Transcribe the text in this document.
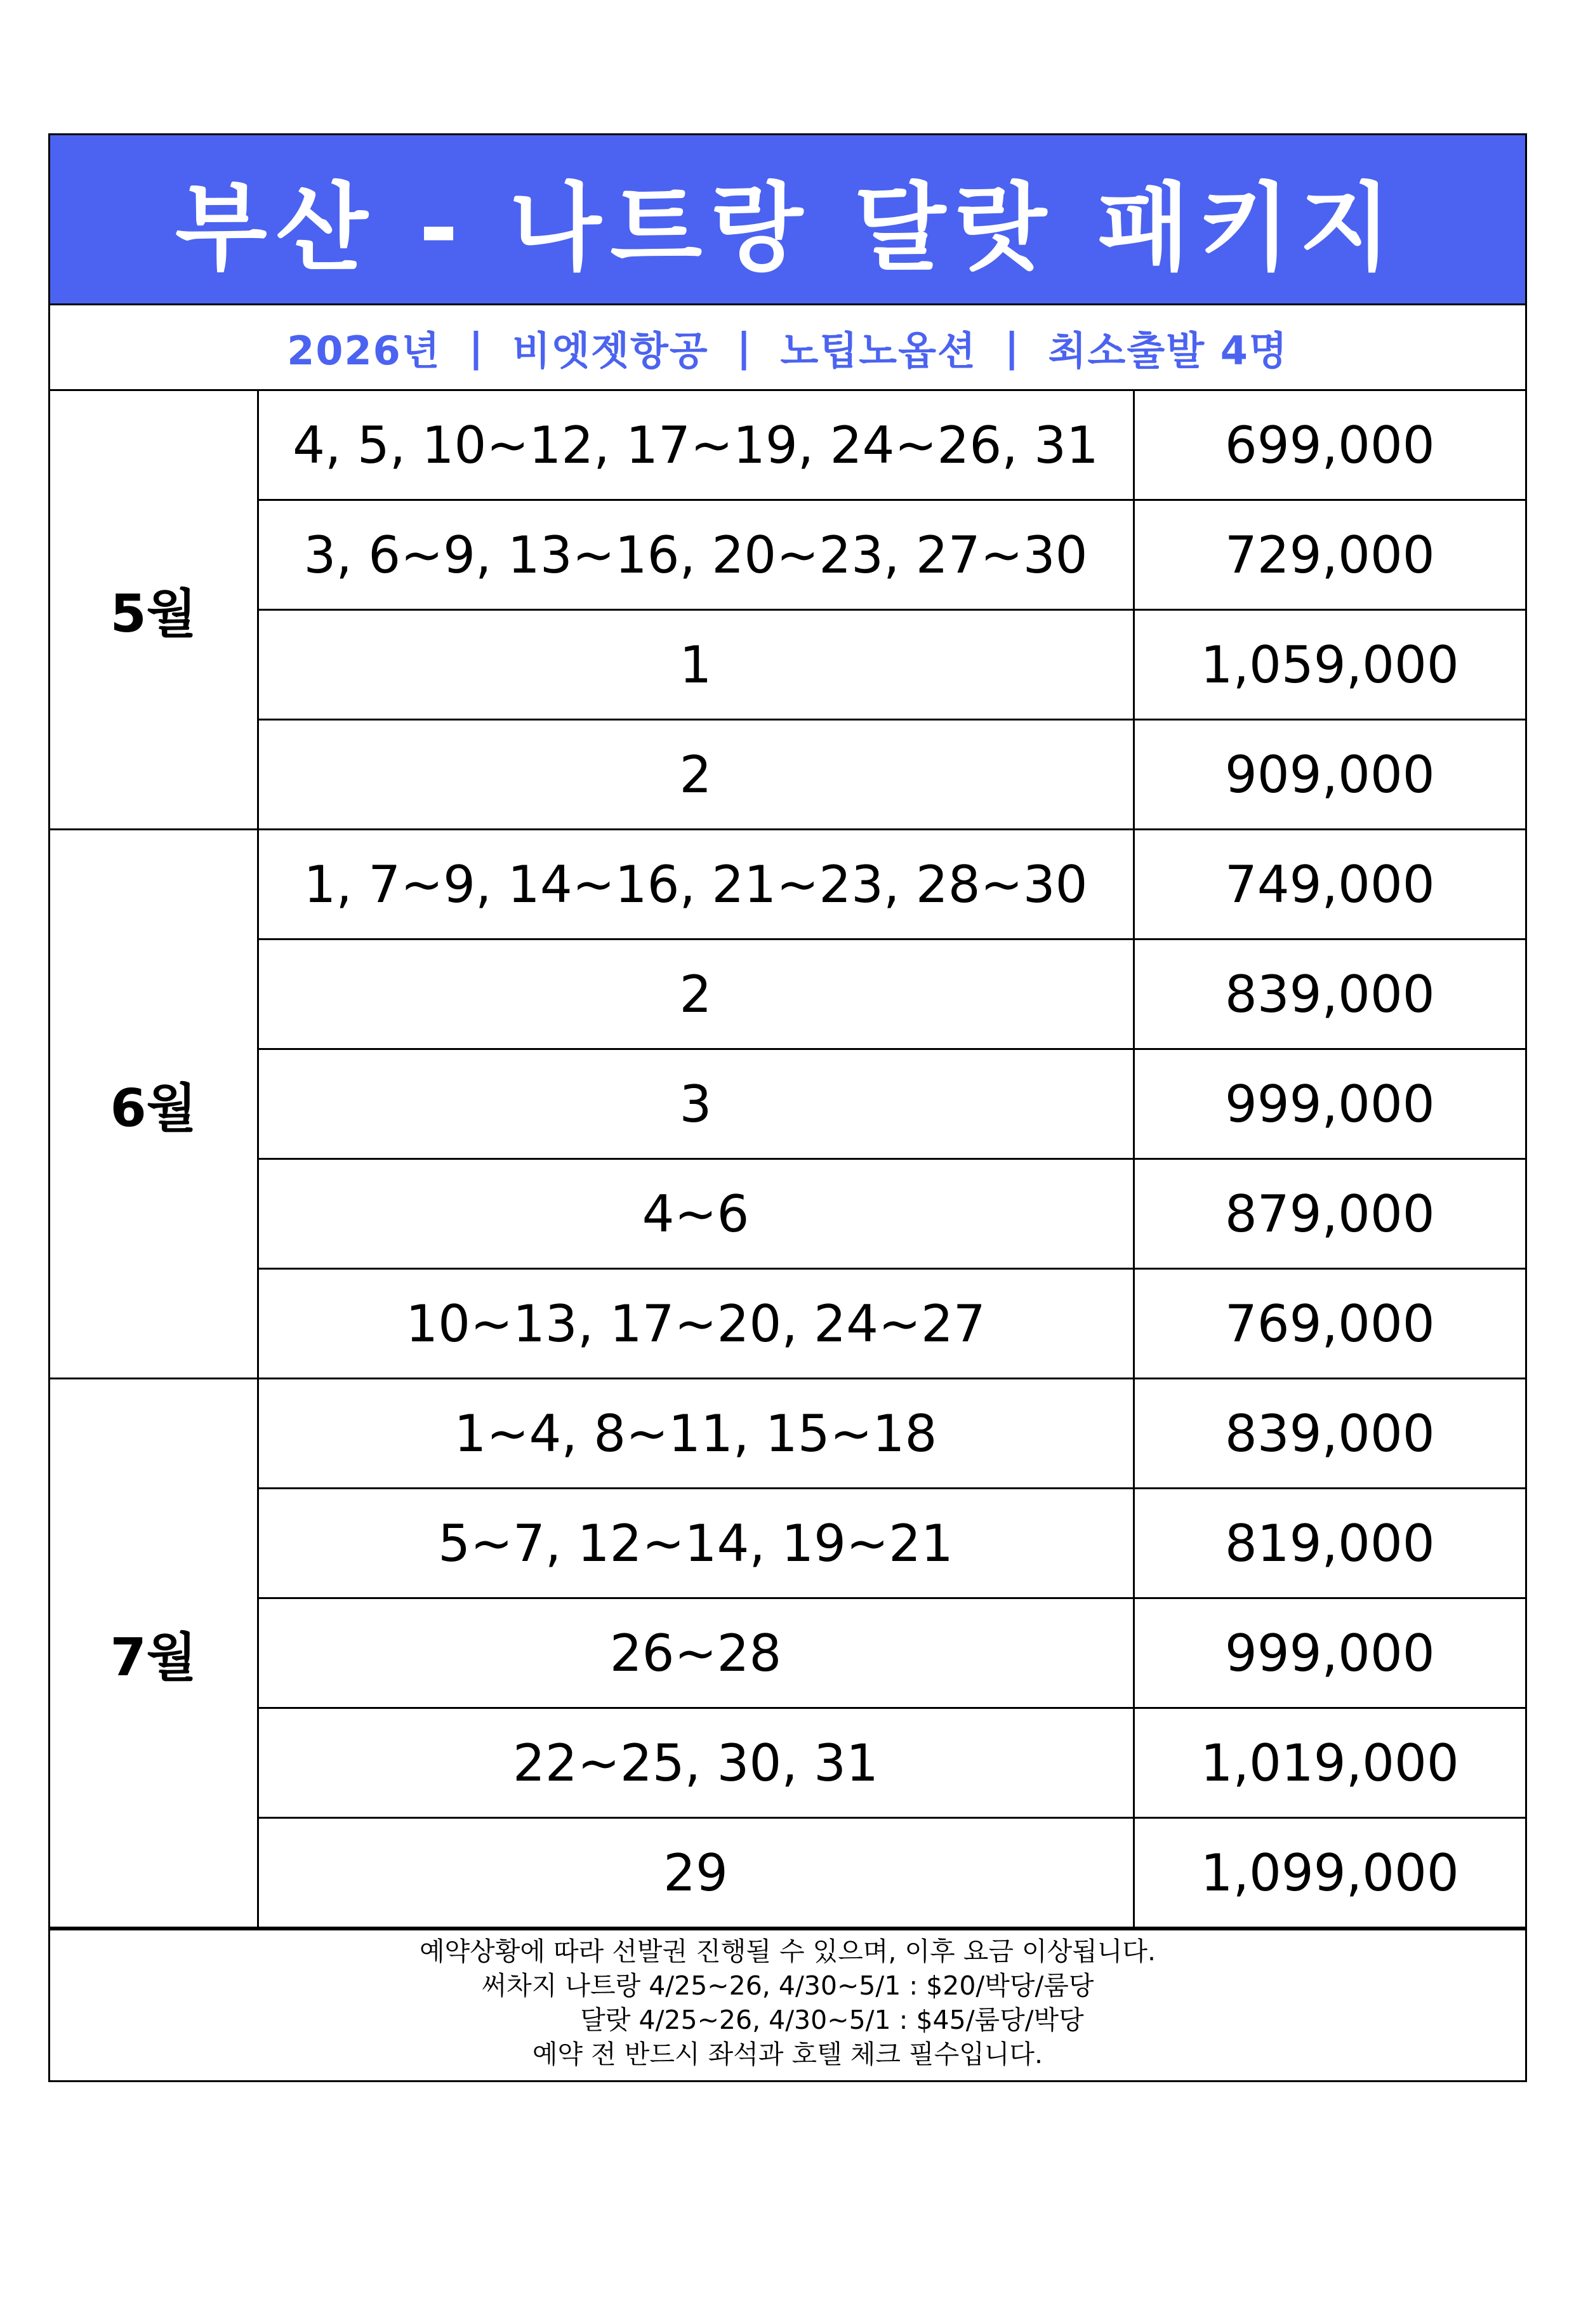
부산 - 나트랑 달랏 패키지
2026년 | 비엣젯항공 | 노팁노옵션 | 최소출발 4명
5월	4, 5, 10~12, 17~19, 24~26, 31	699,000
	3, 6~9, 13~16, 20~23, 27~30	729,000
	1	1,059,000
	2	909,000
6월	1, 7~9, 14~16, 21~23, 28~30	749,000
	2	839,000
	3	999,000
	4~6	879,000
	10~13, 17~20, 24~27	769,000
7월	1~4, 8~11, 15~18	839,000
	5~7, 12~14, 19~21	819,000
	26~28	999,000
	22~25, 30, 31	1,019,000
	29	1,099,000
예약상황에 따라 선발권 진행될 수 있으며, 이후 요금 이상됩니다.
써차지 나트랑 4/25~26, 4/30~5/1 : $20/박당/룸당
달랏 4/25~26, 4/30~5/1 : $45/룸당/박당
예약 전 반드시 좌석과 호텔 체크 필수입니다.
